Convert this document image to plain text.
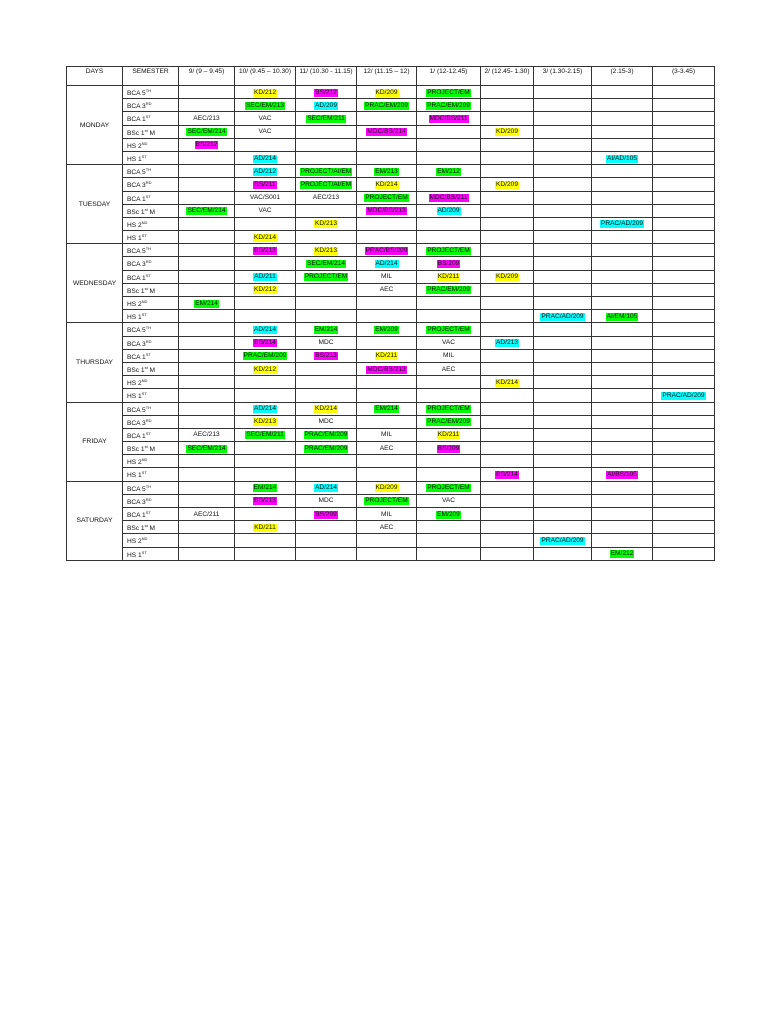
DAYS	SEMESTER	9/ (9 – 9.45)	10/ (9.45 – 10.30)	11/ (10.30 - 11.15)	12/ (11.15 – 12)	1/ (12-12.45)	2/ (12.45- 1.30)	3/ (1.30-2.15)	(2.15-3)	(3-3.45)
MONDAY	BCA 5TH		KD/212	BS/212	KD/209	PROJECT/EM				
	BCA 3RD		SEC/EM/213	AD/209	PRAC/EM/209	PRAC/EM/209				
	BCA 1ST	AEC/213	VAC	SEC/EM/211		MDC/BS/211				
	BSc 1st M	SEC/EM/214	VAC		MDC/BS/214		KD/209			
	HS 2ND	BS/212								
	HS 1ST		AD/214						AI/AD/105	
TUESDAY	BCA 5TH		AD/212	PROJECT/AI/EM	EM/213	EM/212				
	BCA 3RD		BS/211	PROJECT/AI/EM	KD/214		KD/209			
	BCA 1ST		VAC/S001	AEC/213	PROJECT/EM	MDC/BS/211				
	BSc 1st M	SEC/EM/214	VAC		MDC/BS/213	AD/209				
	HS 2ND			KD/213					PRAC/AD/209	
	HS 1ST		KD/214							
WEDNESDAY	BCA 5TH		BS/213	KD/213	PRAC/BS/209	PROJECT/EM				
	BCA 3RD			SEC/EM/214	AD/214	BS/209				
	BCA 1ST		AD/211	PROJECT/EM	MIL	KD/211	KD/209			
	BSc 1st M		KD/212		AEC	PRAC/EM/209				
	HS 2ND	EM/214								
	HS 1ST							PRAC/AD/209	AI/EM/105	
THURSDAY	BCA 5TH		AD/214	EM/214	EM/209	PROJECT/EM				
	BCA 3RD		BS/214	MDC		VAC	AD/213			
	BCA 1ST		PRAC/EM/209	BS/213	KD/211	MIL				
	BSc 1st M		KD/212		MDC/BS/212	AEC				
	HS 2ND						KD/214			
	HS 1ST									PRAC/AD/209
FRIDAY	BCA 5TH		AD/214	KD/214	EM/214	PROJECT/EM				
	BCA 3RD		KD/213	MDC		PRAC/EM/209				
	BCA 1ST	AEC/213	SEC/EM/211	PRAC/EM/209	MIL	KD/211				
	BSc 1st M	SEC/EM/214		PRAC/EM/209	AEC	BS/209				
	HS 2ND									
	HS 1ST						BS/214		AI/BS/105	
SATURDAY	BCA 5TH		EM/214	AD/214	KD/209	PROJECT/EM				
	BCA 3RD		BS/213	MDC	PROJECT/EM	VAC				
	BCA 1ST	AEC/211		BS/209	MIL	EM/209				
	BSc 1st M		KD/211		AEC					
	HS 2ND							PRAC/AD/209		
	HS 1ST								EM/212	
